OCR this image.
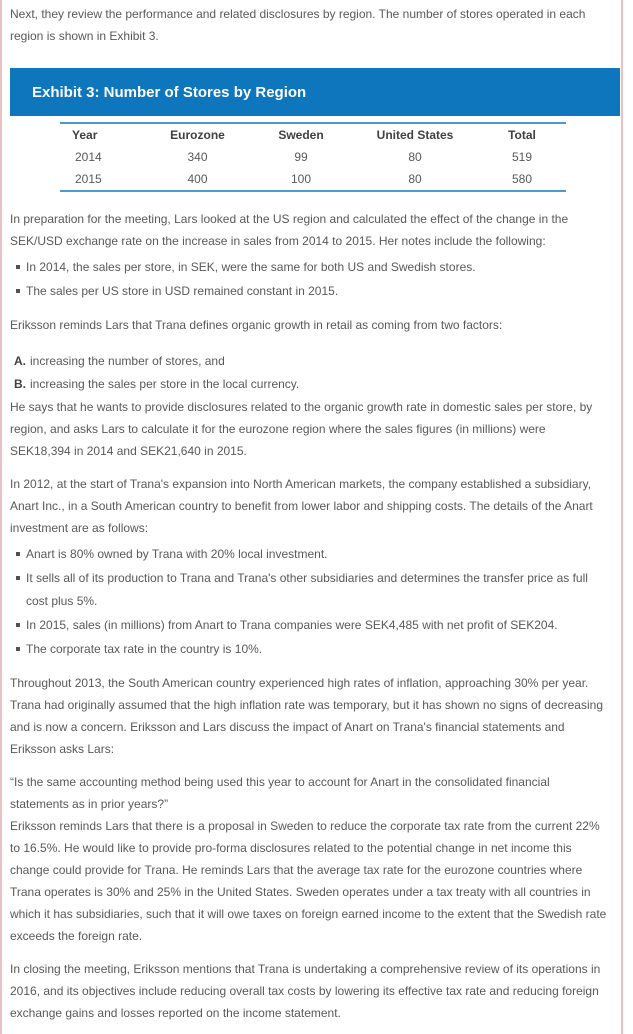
Next, they review the performance and related disclosures by region. The number of stores operated in each region is shown in Exhibit 3.

Exhibit 3: Number of Stores by Region
Year	Eurozone	Sweden	United States	Total
2014	340	99	80	519
2015	400	100	80	580

In preparation for the meeting, Lars looked at the US region and calculated the effect of the change in the SEK/USD exchange rate on the increase in sales from 2014 to 2015. Her notes include the following:

In 2014, the sales per store, in SEK, were the same for both US and Swedish stores.
The sales per US store in USD remained constant in 2015.

Eriksson reminds Lars that Trana defines organic growth in retail as coming from two factors:

A. increasing the number of stores, and
B. increasing the sales per store in the local currency.

He says that he wants to provide disclosures related to the organic growth rate in domestic sales per store, by region, and asks Lars to calculate it for the eurozone region where the sales figures (in millions) were SEK18,394 in 2014 and SEK21,640 in 2015.

In 2012, at the start of Trana's expansion into North American markets, the company established a subsidiary, Anart Inc., in a South American country to benefit from lower labor and shipping costs. The details of the Anart investment are as follows:

Anart is 80% owned by Trana with 20% local investment.
It sells all of its production to Trana and Trana's other subsidiaries and determines the transfer price as full cost plus 5%.
In 2015, sales (in millions) from Anart to Trana companies were SEK4,485 with net profit of SEK204.
The corporate tax rate in the country is 10%.

Throughout 2013, the South American country experienced high rates of inflation, approaching 30% per year. Trana had originally assumed that the high inflation rate was temporary, but it has shown no signs of decreasing and is now a concern. Eriksson and Lars discuss the impact of Anart on Trana's financial statements and Eriksson asks Lars:

“Is the same accounting method being used this year to account for Anart in the consolidated financial statements as in prior years?”

Eriksson reminds Lars that there is a proposal in Sweden to reduce the corporate tax rate from the current 22% to 16.5%. He would like to provide pro-forma disclosures related to the potential change in net income this change could provide for Trana. He reminds Lars that the average tax rate for the eurozone countries where Trana operates is 30% and 25% in the United States. Sweden operates under a tax treaty with all countries in which it has subsidiaries, such that it will owe taxes on foreign earned income to the extent that the Swedish rate exceeds the foreign rate.

In closing the meeting, Eriksson mentions that Trana is undertaking a comprehensive review of its operations in 2016, and its objectives include reducing overall tax costs by lowering its effective tax rate and reducing foreign exchange gains and losses reported on the income statement.
